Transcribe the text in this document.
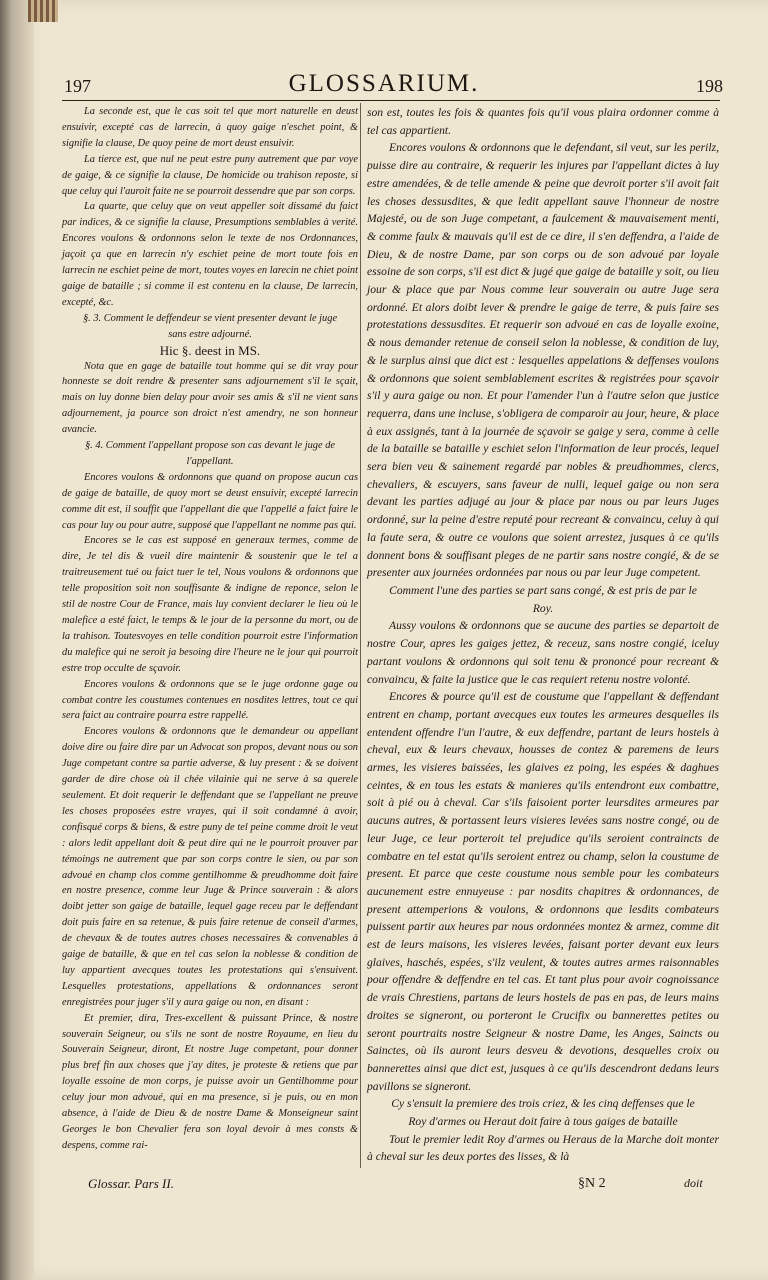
197	GLOSSARIUM.	198

La seconde est, que le cas soit tel que mort naturelle en deust ensuivir, excepté cas de larrecin, à quoy gaige n'eschet point, & signifie la clause, De quoy peine de mort deust ensuivir.

La tierce est, que nul ne peut estre puny autrement que par voye de gaige, & ce signifie la clause, De homicide ou trahison reposte, si que celuy qui l'auroit faite ne se pourroit dessendre que par son corps.

La quarte, que celuy que on veut appeller soit dissamé du faict par indices, & ce signifie la clause, Presumptions semblables à verité. Encores voulons & ordonnons selon le texte de nos Ordonnances, jaçoit ça que en larrecin n'y eschiet peine de mort toute fois en larrecin ne eschiet peine de mort, toutes voyes en larecin ne chiet point gaige de bataille ; si comme il est contenu en la clause, De larrecin, excepté, &c.

§. 3. Comment le deffendeur se vient presenter devant le juge sans estre adjourné.

Hic §. deest in MS.

Nota que en gage de bataille tout homme qui se dit vray pour honneste se doit rendre & presenter sans adjournement s'il le sçait, mais on luy donne bien delay pour avoir ses amis & s'il ne vient sans adjournement, ja pource son droict n'est amendry, ne son honneur avancie.

§. 4. Comment l'appellant propose son cas devant le juge de l'appellant.

Encores voulons & ordonnons que quand on propose aucun cas de gaige de bataille, de quoy mort se deust ensuivir, excepté larrecin comme dit est, il souffit que l'appellant die que l'appellé a faict faire le cas pour luy ou pour autre, supposé que l'appellant ne nomme pas qui.

Encores se le cas est supposé en generaux termes, comme de dire, Je tel dis & vueil dire maintenir & soustenir que le tel a traitreusement tué ou faict tuer le tel, Nous voulons & ordonnons que telle proposition soit non souffisante & indigne de reponce, selon le stil de nostre Cour de France, mais luy convient declarer le lieu où le malefice a esté faict, le temps & le jour de la personne du mort, ou de la trahison. Toutesvoyes en telle condition pourroit estre l'information du malefice qui ne seroit ja besoing dire l'heure ne le jour qui pourroit estre trop occulte de sçavoir.

Encores voulons & ordonnons que se le juge ordonne gage ou combat contre les coustumes contenues en nosdites lettres, tout ce qui sera faict au contraire pourra estre rappellé.

Encores voulons & ordonnons que le demandeur ou appellant doive dire ou faire dire par un Advocat son propos, devant nous ou son Juge competant contre sa partie adverse, & luy present : & se doivent garder de dire chose où il chée vilainie qui ne serve à sa querele seulement. Et doit requerir le deffendant que se l'appellant ne preuve les choses proposées estre vrayes, qui il soit condamné à avoir, confisqué corps & biens, & estre puny de tel peine comme droit le veut : alors ledit appellant doit & peut dire qui ne le pourroit prouver par témoings ne autrement que par son corps contre le sien, ou par son advoué en champ clos comme gentilhomme & preudhomme doit faire en nostre presence, comme leur Juge & Prince souverain : & alors doibt jetter son gaige de bataille, lequel gage receu par le deffendant doit puis faire en sa retenue, & puis faire retenue de conseil d'armes, de chevaux & de toutes autres choses necessaires & convenables à gaige de bataille, & que en tel cas selon la noblesse & condition de luy appartient avecques toutes les protestations qui s'ensuivent. Lesquelles protestations, appellations & ordonnances seront enregistrées pour juger s'il y aura gaige ou non, en disant :

Et premier, dira, Tres-excellent & puissant Prince, & nostre souverain Seigneur, ou s'ils ne sont de nostre Royaume, en lieu du Souverain Seigneur, diront, Et nostre Juge competant, pour donner plus bref fin aux choses que j'ay dites, je proteste & retiens que par loyalle essoine de mon corps, je puisse avoir un Gentilhomme pour celuy jour mon advoué, qui en ma presence, si je puis, ou en mon absence, à l'aide de Dieu & de nostre Dame & Monseigneur saint Georges le bon Chevalier fera son loyal devoir à mes consts & despens, comme rai-

son est, toutes les fois & quantes fois qu'il vous plaira ordonner comme à tel cas appartient.

Encores voulons & ordonnons que le defendant, sil veut, sur les perilz, puisse dire au contraire, & requerir les injures par l'appellant dictes à luy estre amendées, & de telle amende & peine que devroit porter s'il avoit fait les choses dessusdites, & que ledit appellant sauve l'honneur de nostre Majesté, ou de son Juge competant, a faulcement & mauvaisement menti, & comme faulx & mauvais qu'il est de ce dire, il s'en deffendra, a l'aide de Dieu, & de nostre Dame, par son corps ou de son advoué par loyale essoine de son corps, s'il est dict & jugé que gaige de bataille y soit, ou lieu jour & place que par Nous comme leur souverain ou autre Juge sera ordonné. Et alors doibt lever & prendre le gaige de terre, & puis faire ses protestations dessusdites. Et requerir son advoué en cas de loyalle exoine, & nous demander retenue de conseil selon la noblesse, & condition de luy, & le surplus ainsi que dict est : lesquelles appelations & deffenses voulons & ordonnons que soient semblablement escrites & registrées pour sçavoir s'il y aura gaige ou non. Et pour l'amender l'un à l'autre selon que justice requerra, dans une incluse, s'obligera de comparoir au jour, heure, & place à eux assignés, tant à la journée de sçavoir se gaige y sera, comme à celle de la bataille se bataille y eschiet selon l'information de leur procés, lequel sera bien veu & sainement regardé par nobles & preudhommes, clercs, chevaliers, & escuyers, sans faveur de nulli, lequel gaige ou non sera devant les parties adjugé au jour & place par nous ou par leurs Juges ordonné, sur la peine d'estre reputé pour recreant & convaincu, celuy à qui la faute sera, & outre ce voulons que soient arrestez, jusques à ce qu'ils donnent bons & souffisant pleges de ne partir sans nostre congié, & de se presenter aux journées ordonnées par nous ou par leur Juge competent.

Comment l'une des parties se part sans congé, & est pris de par le Roy.

Aussy voulons & ordonnons que se aucune des parties se departoit de nostre Cour, apres les gaiges jettez, & receuz, sans nostre congié, iceluy partant voulons & ordonnons qui soit tenu & prononcé pour recreant & convaincu, & faite la justice que le cas requiert retenu nostre volonté.

Encores & pource qu'il est de coustume que l'appellant & deffendant entrent en champ, portant avecques eux toutes les armeures desquelles ils entendent offendre l'un l'autre, & eux deffendre, partant de leurs hostels à cheval, eux & leurs chevaux, housses de contez & paremens de leurs armes, les visieres baissées, les glaives ez poing, les espées & daghues ceintes, & en tous les estats & manieres qu'ils entendront eux combattre, soit à pié ou à cheval. Car s'ils faisoient porter leursdites armeures par aucuns autres, & portassent leurs visieres levées sans nostre congé, ou de leur Juge, ce leur porteroit tel prejudice qu'ils seroient contraincts de combatre en tel estat qu'ils seroient entrez ou champ, selon la coustume de present. Et parce que ceste coustume nous semble pour les combateurs aucunement estre ennuyeuse : par nosdits chapitres & ordonnances, de present attemperions & voulons, & ordonnons que lesdits combateurs puissent partir aux heures par nous ordonnées montez & armez, comme dit est de leurs maisons, les visieres levées, faisant porter devant eux leurs glaives, haschés, espées, s'ilz veulent, & toutes autres armes raisonnables pour offendre & deffendre en tel cas. Et tant plus pour avoir cognoissance de vrais Chrestiens, partans de leurs hostels de pas en pas, de leurs mains droites se signeront, ou porteront le Crucifix ou bannerettes petites ou seront pourtraits nostre Seigneur & nostre Dame, les Anges, Saincts ou Sainctes, où ils auront leurs desveu & devotions, desquelles croix ou bannerettes ainsi que dict est, jusques à ce qu'ils descendront dedans leurs pavillons se signeront.

Cy s'ensuit la premiere des trois criez, & les cinq deffenses que le Roy d'armes ou Heraut doit faire à tous gaiges de bataille

Tout le premier ledit Roy d'armes ou Heraus de la Marche doit monter à cheval sur les deux portes des lisses, & là

Glossar. Pars II.	§N 2	doit
